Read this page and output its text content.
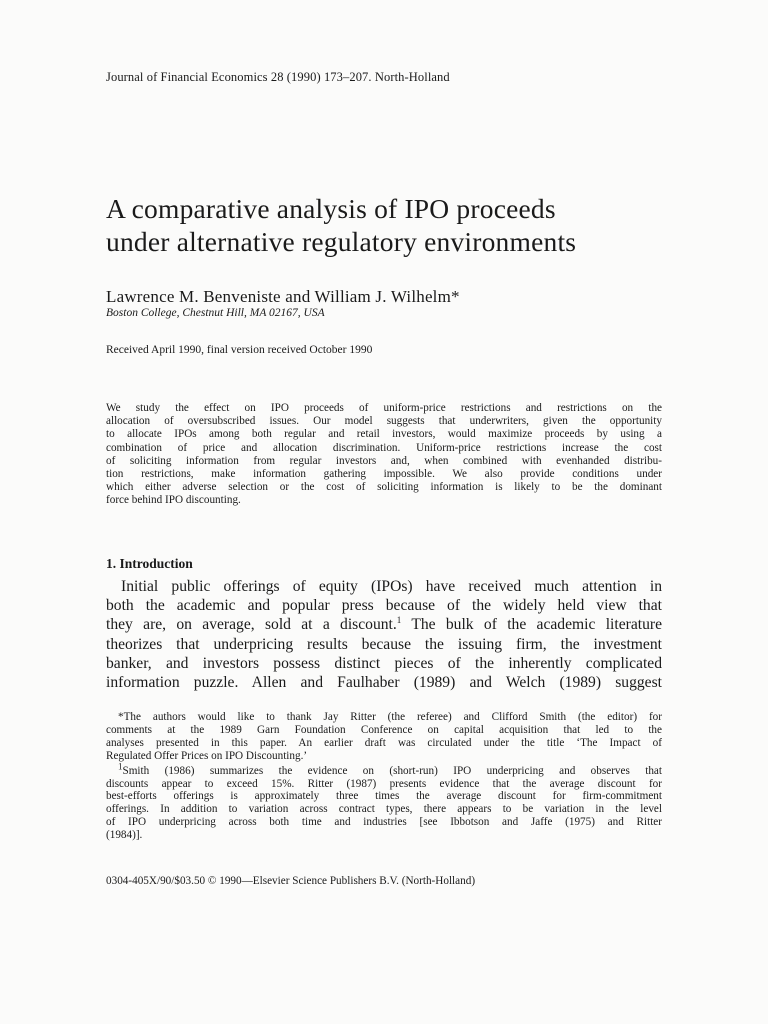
Journal of Financial Economics 28 (1990) 173–207. North-Holland
A comparative analysis of IPO proceeds
under alternative regulatory environments
Lawrence M. Benveniste and William J. Wilhelm*
Boston College, Chestnut Hill, MA 02167, USA
Received April 1990, final version received October 1990
We study the effect on IPO proceeds of uniform-price restrictions and restrictions on the
allocation of oversubscribed issues. Our model suggests that underwriters, given the opportunity
to allocate IPOs among both regular and retail investors, would maximize proceeds by using a
combination of price and allocation discrimination. Uniform-price restrictions increase the cost
of soliciting information from regular investors and, when combined with evenhanded distribu-
tion restrictions, make information gathering impossible. We also provide conditions under
which either adverse selection or the cost of soliciting information is likely to be the dominant
force behind IPO discounting.
1. Introduction
Initial public offerings of equity (IPOs) have received much attention in
both the academic and popular press because of the widely held view that
they are, on average, sold at a discount.$^1$ The bulk of the academic literature
theorizes that underpricing results because the issuing firm, the investment
banker, and investors possess distinct pieces of the inherently complicated
information puzzle. Allen and Faulhaber (1989) and Welch (1989) suggest
*The authors would like to thank Jay Ritter (the referee) and Clifford Smith (the editor) for
comments at the 1989 Garn Foundation Conference on capital acquisition that led to the
analyses presented in this paper. An earlier draft was circulated under the title ‘The Impact of
Regulated Offer Prices on IPO Discounting.’
$^1$Smith (1986) summarizes the evidence on (short-run) IPO underpricing and observes that
discounts appear to exceed 15%. Ritter (1987) presents evidence that the average discount for
best-efforts offerings is approximately three times the average discount for firm-commitment
offerings. In addition to variation across contract types, there appears to be variation in the level
of IPO underpricing across both time and industries [see Ibbotson and Jaffe (1975) and Ritter
(1984)].
0304-405X/90/$03.50 © 1990—Elsevier Science Publishers B.V. (North-Holland)
